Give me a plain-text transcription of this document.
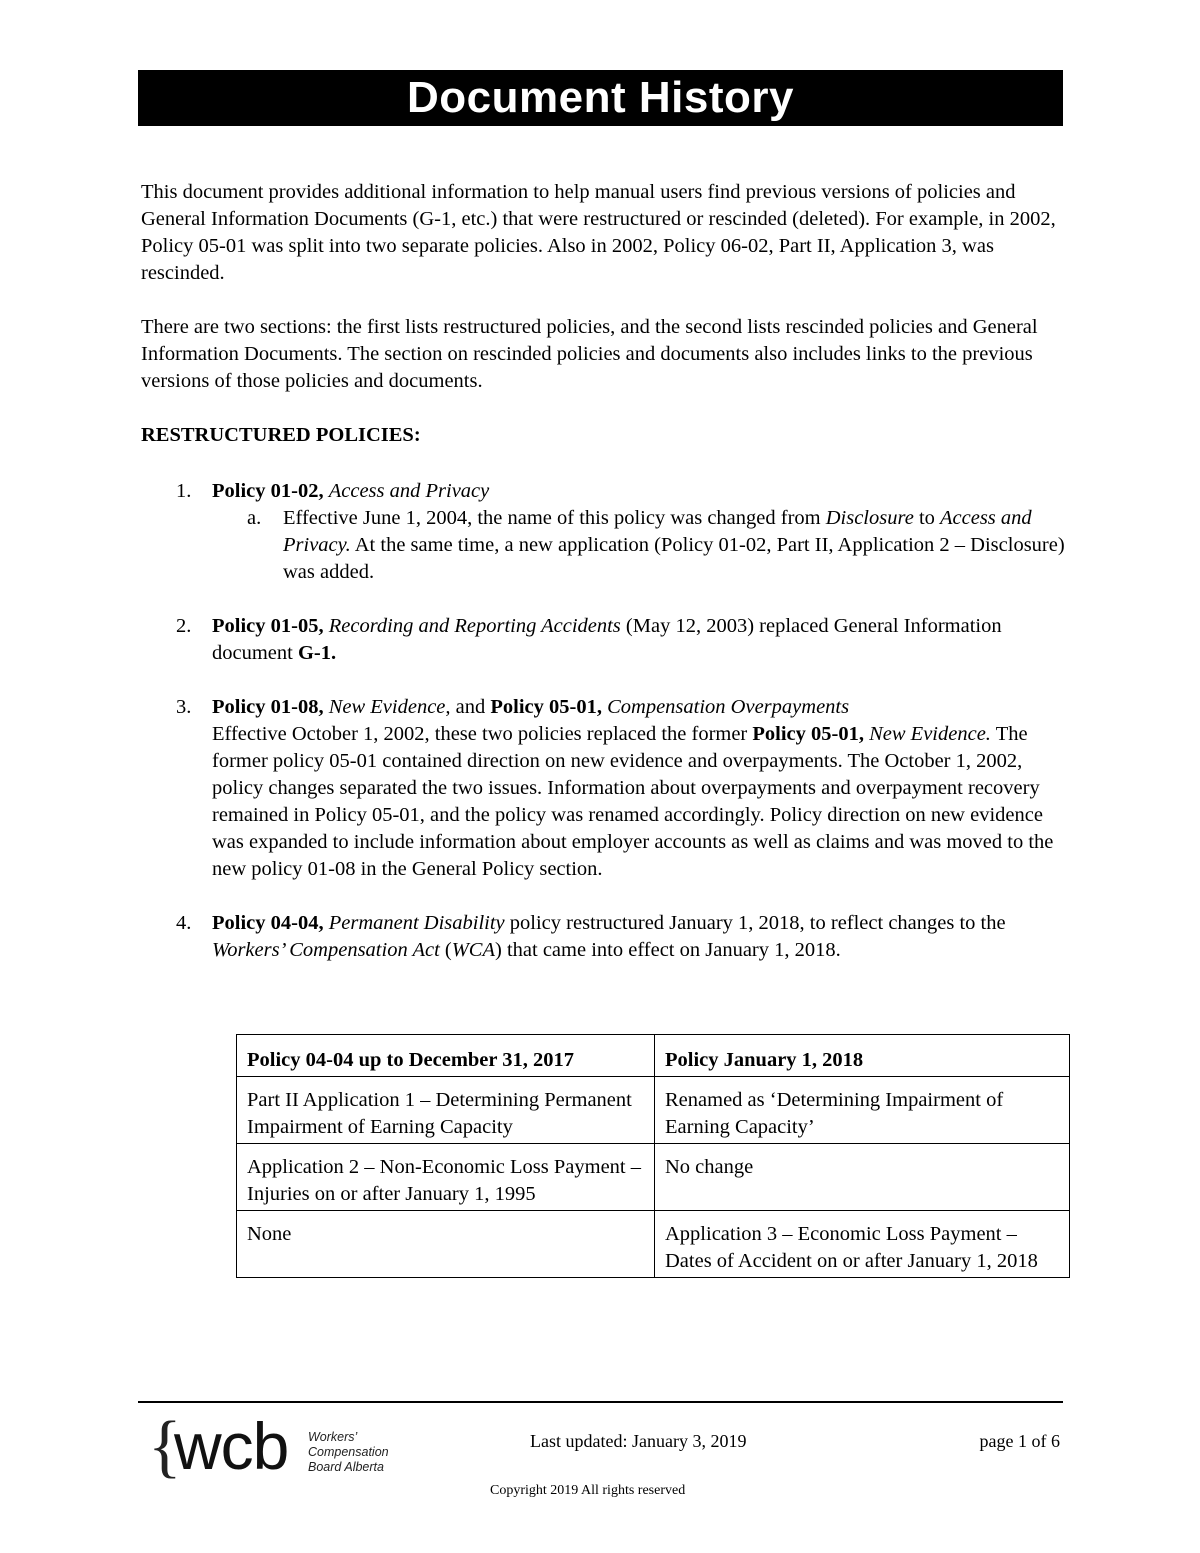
Document History

This document provides additional information to help manual users find previous versions of policies and General Information Documents (G-1, etc.) that were restructured or rescinded (deleted). For example, in 2002, Policy 05-01 was split into two separate policies. Also in 2002, Policy 06-02, Part II, Application 3, was rescinded.

There are two sections: the first lists restructured policies, and the second lists rescinded policies and General Information Documents. The section on rescinded policies and documents also includes links to the previous versions of those policies and documents.

RESTRUCTURED POLICIES:
1. Policy 01-02, Access and Privacy
a. Effective June 1, 2004, the name of this policy was changed from Disclosure to Access and Privacy. At the same time, a new application (Policy 01-02, Part II, Application 2 – Disclosure) was added.
2. Policy 01-05, Recording and Reporting Accidents (May 12, 2003) replaced General Information document G-1.
3. Policy 01-08, New Evidence, and Policy 05-01, Compensation Overpayments
Effective October 1, 2002, these two policies replaced the former Policy 05-01, New Evidence. The former policy 05-01 contained direction on new evidence and overpayments. The October 1, 2002, policy changes separated the two issues. Information about overpayments and overpayment recovery remained in Policy 05-01, and the policy was renamed accordingly. Policy direction on new evidence was expanded to include information about employer accounts as well as claims and was moved to the new policy 01-08 in the General Policy section.
4. Policy 04-04, Permanent Disability policy restructured January 1, 2018, to reflect changes to the Workers’ Compensation Act (WCA) that came into effect on January 1, 2018.
Policy 04-04 up to December 31, 2017	Policy January 1, 2018
Part II Application 1 – Determining Permanent Impairment of Earning Capacity	Renamed as ‘Determining Impairment of Earning Capacity’
Application 2 – Non-Economic Loss Payment – Injuries on or after January 1, 1995	No change
None	Application 3 – Economic Loss Payment – Dates of Accident on or after January 1, 2018
{
wcb Workers’
Compensation
Board Alberta
Last updated: January 3, 2019	page 1 of 6
Copyright 2019 All rights reserved
